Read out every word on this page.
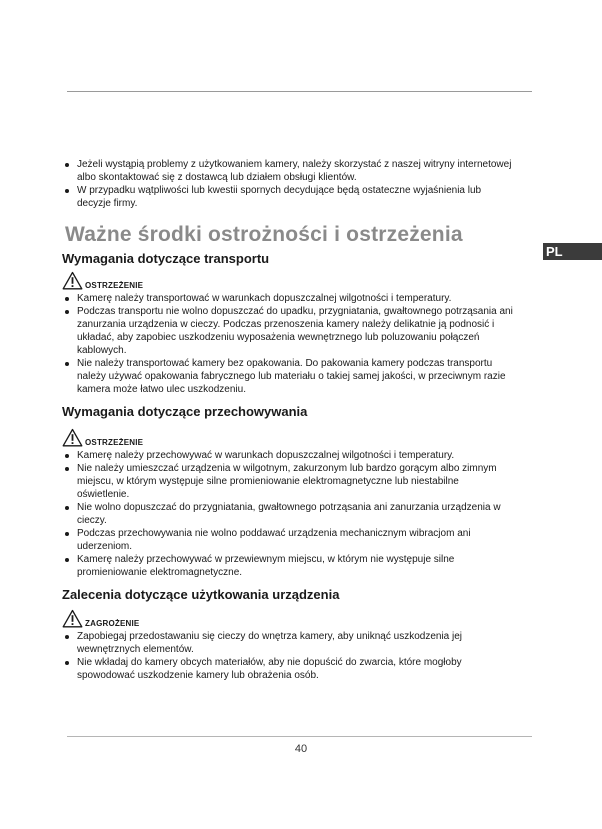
PL
Jeżeli wystąpią problemy z użytkowaniem kamery, należy skorzystać z naszej witryny internetowej
albo skontaktować się z dostawcą lub działem obsługi klientów.
W przypadku wątpliwości lub kwestii spornych decydujące będą ostateczne wyjaśnienia lub
decyzje firmy.
Ważne środki ostrożności i ostrzeżenia
Wymagania dotyczące transportu
OSTRZEŻENIE
Kamerę należy transportować w warunkach dopuszczalnej wilgotności i temperatury.
Podczas transportu nie wolno dopuszczać do upadku, przygniatania, gwałtownego potrząsania ani
zanurzania urządzenia w cieczy. Podczas przenoszenia kamery należy delikatnie ją podnosić i
układać, aby zapobiec uszkodzeniu wyposażenia wewnętrznego lub poluzowaniu połączeń
kablowych.
Nie należy transportować kamery bez opakowania. Do pakowania kamery podczas transportu
należy używać opakowania fabrycznego lub materiału o takiej samej jakości, w przeciwnym razie
kamera może łatwo ulec uszkodzeniu.
Wymagania dotyczące przechowywania
OSTRZEŻENIE
Kamerę należy przechowywać w warunkach dopuszczalnej wilgotności i temperatury.
Nie należy umieszczać urządzenia w wilgotnym, zakurzonym lub bardzo gorącym albo zimnym
miejscu, w którym występuje silne promieniowanie elektromagnetyczne lub niestabilne
oświetlenie.
Nie wolno dopuszczać do przygniatania, gwałtownego potrząsania ani zanurzania urządzenia w
cieczy.
Podczas przechowywania nie wolno poddawać urządzenia mechanicznym wibracjom ani
uderzeniom.
Kamerę należy przechowywać w przewiewnym miejscu, w którym nie występuje silne
promieniowanie elektromagnetyczne.
Zalecenia dotyczące użytkowania urządzenia
ZAGROŻENIE
Zapobiegaj przedostawaniu się cieczy do wnętrza kamery, aby uniknąć uszkodzenia jej
wewnętrznych elementów.
Nie wkładaj do kamery obcych materiałów, aby nie dopuścić do zwarcia, które mogłoby
spowodować uszkodzenie kamery lub obrażenia osób.
40
